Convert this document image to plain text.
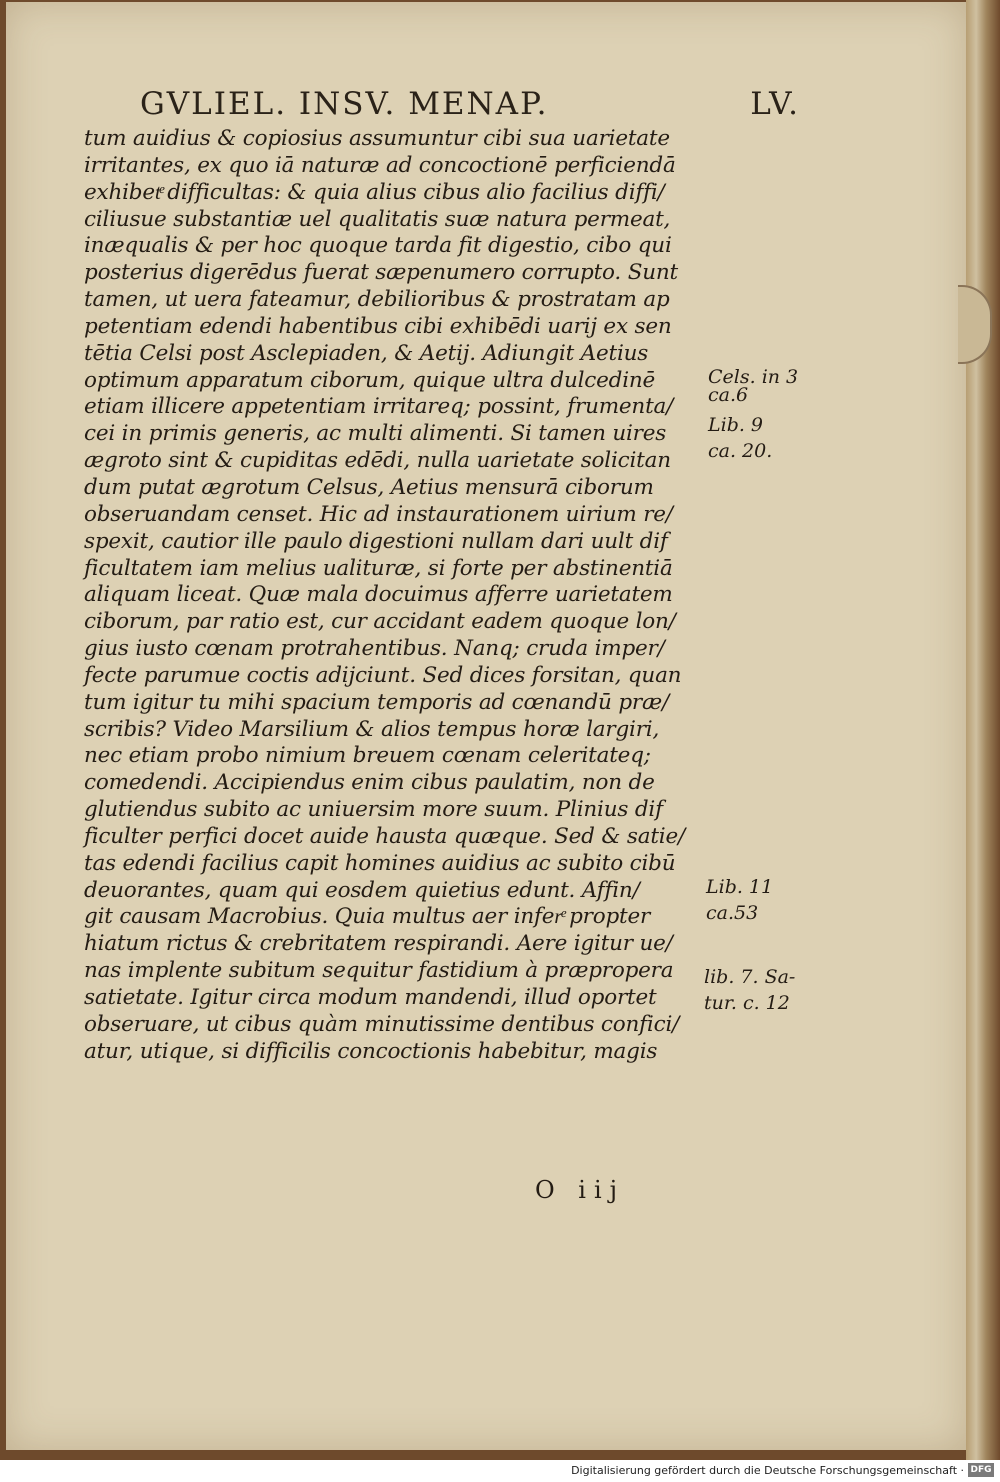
GVLIEL. INSV. MENAP.	LV.
tum auidius & copiosius assumuntur cibi sua uarietate
irritantes, ex quo iā naturæ ad concoctionē perficiendā
exhibetͤ difficultas: & quia alius cibus alio facilius diffi/
ciliusue substantiæ uel qualitatis suæ natura permeat,
inæqualis & per hoc quoque tarda fit digestio, cibo qui
posterius digerēdus fuerat sæpenumero corrupto. Sunt
tamen, ut uera fateamur, debilioribus & prostratam ap
petentiam edendi habentibus cibi exhibēdi uarij ex sen
tētia Celsi post Asclepiaden, & Aetij. Adiungit Aetius
optimum apparatum ciborum, quique ultra dulcedinē
etiam illicere appetentiam irritareq; possint, frumenta/
cei in primis generis, ac multi alimenti. Si tamen uires
ægroto sint & cupiditas edēdi, nulla uarietate solicitan
dum putat ægrotum Celsus, Aetius mensurā ciborum
obseruandam censet. Hic ad instaurationem uirium re/
spexit, cautior ille paulo digestioni nullam dari uult dif
ficultatem iam melius ualituræ, si forte per abstinentiā
aliquam liceat. Quæ mala docuimus afferre uarietatem
ciborum, par ratio est, cur accidant eadem quoque lon/
gius iusto cœnam protrahentibus. Nanq; cruda imper/
fecte parumue coctis adijciunt. Sed dices forsitan, quan
tum igitur tu mihi spacium temporis ad cœnandū præ/
scribis? Video Marsilium & alios tempus horæ largiri,
nec etiam probo nimium breuem cœnam celeritateq;
comedendi. Accipiendus enim cibus paulatim, non de
glutiendus subito ac uniuersim more suum. Plinius dif
ficulter perfici docet auide hausta quæque. Sed & satie/
tas edendi facilius capit homines auidius ac subito cibū
deuorantes, quam qui eosdem quietius edunt. Affin/
git causam Macrobius. Quia multus aer inferͤ propter
hiatum rictus & crebritatem respirandi. Aere igitur ue/
nas implente subitum sequitur fastidium à præpropera
satietate. Igitur circa modum mandendi, illud oportet
obseruare, ut cibus quàm minutissime dentibus confici/
atur, utique, si difficilis concoctionis habebitur, magis
Cels. in 3
ca.6
Lib. 9
ca. 20.
Lib. 11
ca.53
lib. 7. Sa-
tur. c. 12
O iij
Digitalisierung gefördert durch die Deutsche Forschungsgemeinschaft · DFG
